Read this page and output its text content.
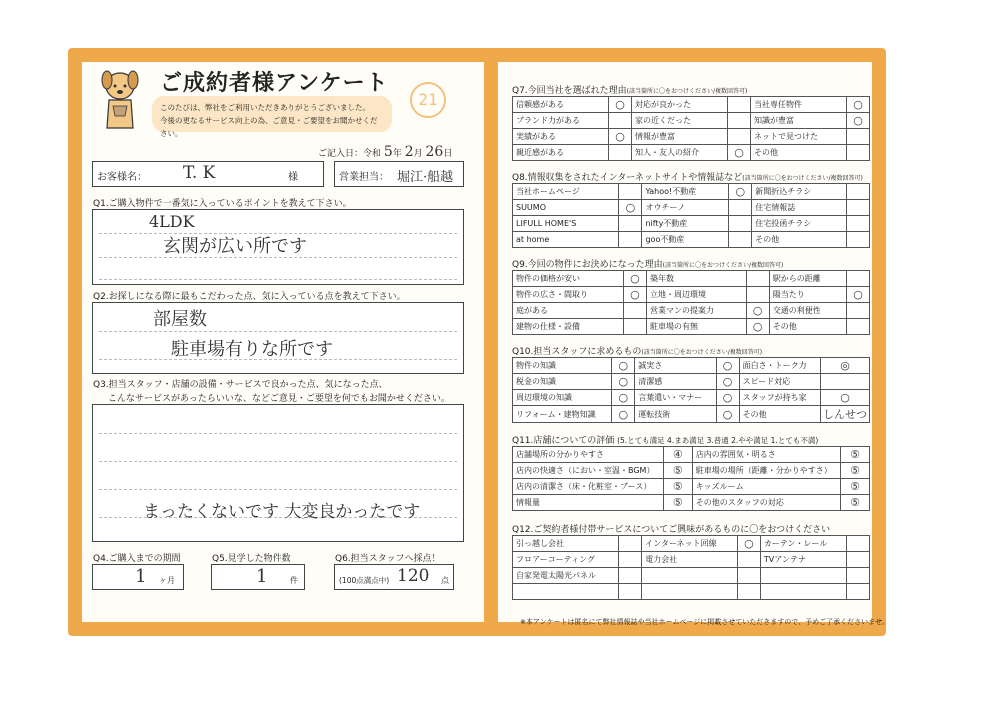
ご成約者様アンケート
このたびは、弊社をご利用いただきありがとうございました。
今後の更なるサービス向上の為、ご意見・ご要望をお聞かせください。
21
ご記入日：令和 5年 2月 26日
お客様名： T. K	様	営業担当： 堀江·船越
Q1.ご購入物件で一番気に入っているポイントを教えて下さい。
4LDK
玄関が広い所です
Q2.お探しになる際に最もこだわった点、気に入っている点を教えて下さい。
部屋数
駐車場有りな所です
Q3.担当スタッフ・店舗の設備・サービスで良かった点、気になった点、
こんなサービスがあったらいいな、などご意見・ご要望を何でもお聞かせください。
まったくないです 大変良かったです
Q4.ご購入までの期間
1 ヶ月
Q5.見学した物件数
1	件
Q6.担当スタッフへ採点！
(100点満点中) 120 点
Q7.今回当社を選ばれた理由(該当箇所に〇をおつけください/複数回答可)
信頼感がある	○	対応が良かった		当社専任物件	○
ブランド力がある		家の近くだった		知識が豊富	○
実績がある	○	情報が豊富		ネットで見つけた	
親近感がある		知人・友人の紹介	○	その他	
Q8.情報収集をされたインターネットサイトや情報誌など(該当箇所に〇をおつけください/複数回答可)
当社ホームページ		Yahoo!不動産	○	新聞折込チラシ	
SUUMO	○	オウチーノ		住宅情報誌	
LIFULL HOME'S		nifty不動産		住宅投函チラシ	
at home		goo不動産		その他	
Q9.今回の物件にお決めになった理由(該当箇所に〇をおつけください/複数回答可)
物件の価格が安い	○	築年数		駅からの距離	
物件の広さ・間取り	○	立地・周辺環境		陽当たり	○
庭がある		営業マンの提案力	○	交通の利便性	
建物の仕様・設備		駐車場の有無	○	その他	
Q10.担当スタッフに求めるもの(該当箇所に〇をおつけください/複数回答可)
物件の知識	○	誠実さ	○	面白さ・トーク力	◎
税金の知識	○	清潔感	○	スピード対応	
周辺環境の知識	○	言葉遣い・マナー	○	スタッフが持ち家	○
リフォーム・建物知識	○	運転技術	○	その他	しんせつ
Q11.店舗についての評価 (5.とても満足 4.まあ満足 3.普通 2.やや満足 1.とても不満)
店舗場所の分かりやすさ	④	店内の雰囲気・明るさ	⑤
店内の快適さ（におい・室温・BGM）	⑤	駐車場の場所（距離・分かりやすさ）	⑤
店内の清潔さ（床・化粧室・ブース）	⑤	キッズルーム	⑤
情報量	⑤	その他のスタッフの対応	⑤
Q12.ご契約者様付帯サービスについてご興味があるものに〇をおつけください
引っ越し会社		インターネット回線	○	カーテン・レール	
フロアーコーティング		電力会社		TVアンテナ	
自家発電太陽光パネル					

※本アンケートは匿名にて弊社情報誌や当社ホームページに掲載させていただきますので、予めご了承くださいませ。
